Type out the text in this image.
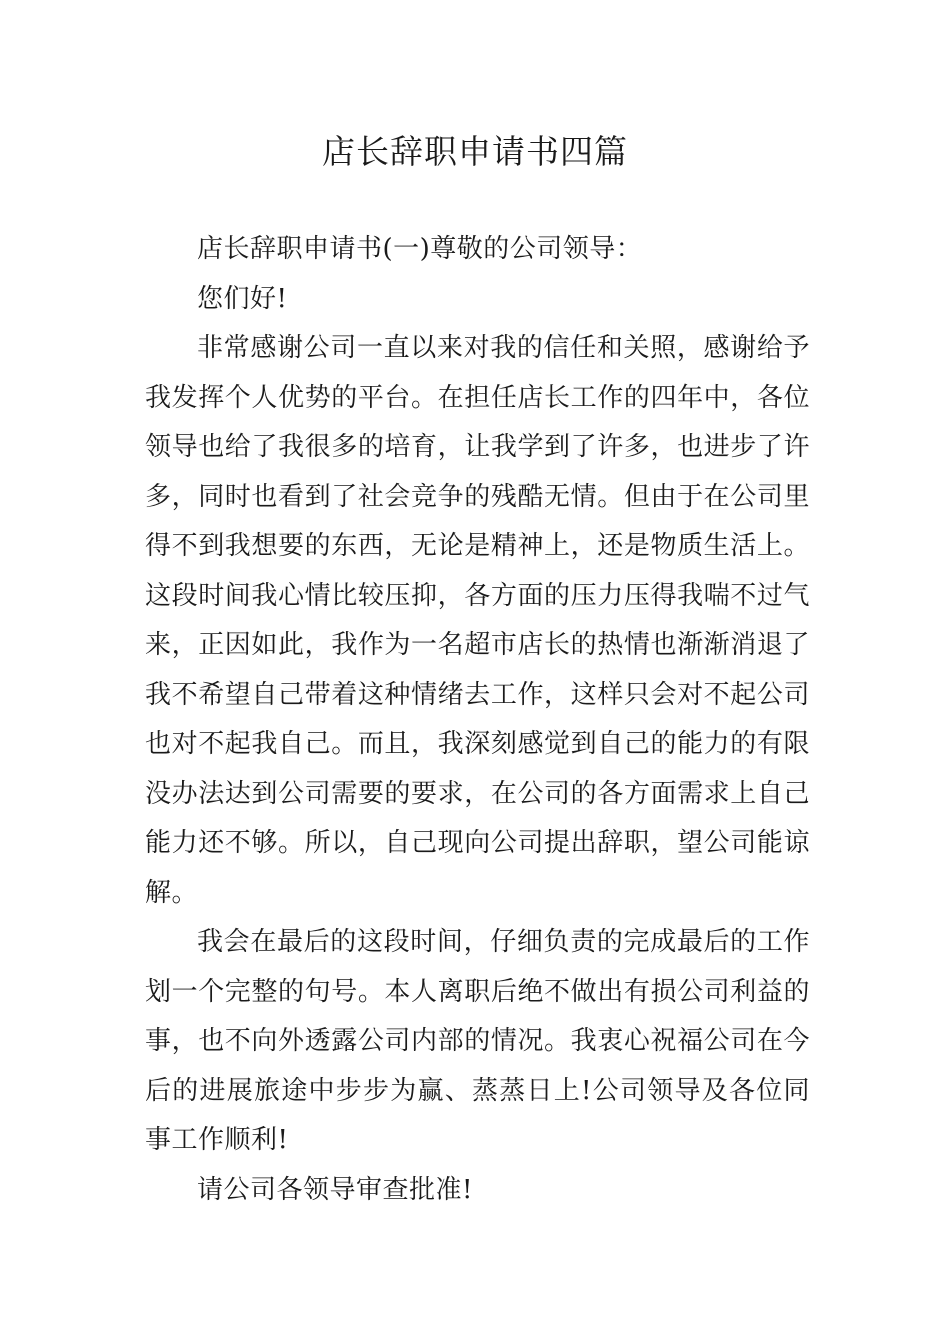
店长辞职申请书四篇

店长辞职申请书(一)尊敬的公司领导：

您们好!

非常感谢公司一直以来对我的信任和关照，感谢给予我发挥个人优势的平台。在担任店长工作的四年中，各位领导也给了我很多的培育，让我学到了许多，也进步了许多，同时也看到了社会竞争的残酷无情。但由于在公司里得不到我想要的东西，无论是精神上，还是物质生活上。这段时间我心情比较压抑，各方面的压力压得我喘不过气来，正因如此，我作为一名超市店长的热情也渐渐消退了我不希望自己带着这种情绪去工作，这样只会对不起公司也对不起我自己。而且，我深刻感觉到自己的能力的有限没办法达到公司需要的要求，在公司的各方面需求上自己能力还不够。所以，自己现向公司提出辞职，望公司能谅解。

我会在最后的这段时间，仔细负责的完成最后的工作划一个完整的句号。本人离职后绝不做出有损公司利益的事，也不向外透露公司内部的情况。我衷心祝福公司在今后的进展旅途中步步为赢、蒸蒸日上!公司领导及各位同事工作顺利!

请公司各领导审查批准!
